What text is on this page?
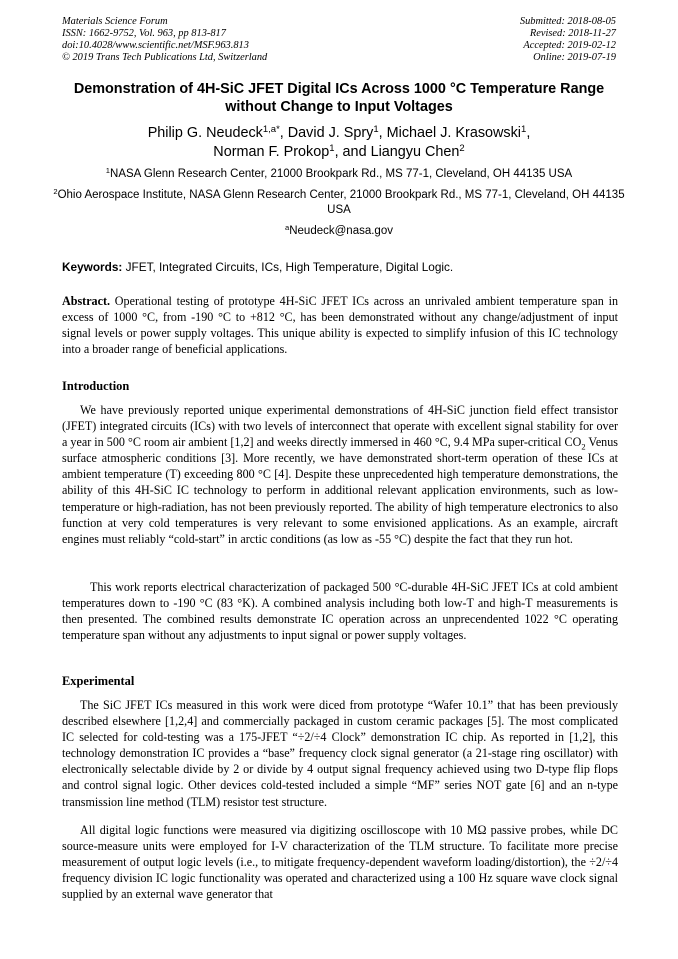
Materials Science Forum
ISSN: 1662-9752, Vol. 963, pp 813-817
doi:10.4028/www.scientific.net/MSF.963.813
© 2019 Trans Tech Publications Ltd, Switzerland
Submitted: 2018-08-05
Revised: 2018-11-27
Accepted: 2019-02-12
Online: 2019-07-19
Demonstration of 4H-SiC JFET Digital ICs Across 1000 °C Temperature Range without Change to Input Voltages
Philip G. Neudeck$^{1,a*}$, David J. Spry$^1$, Michael J. Krasowski$^1$,
Norman F. Prokop$^1$, and Liangyu Chen$^2$
$^1$NASA Glenn Research Center, 21000 Brookpark Rd., MS 77-1, Cleveland, OH 44135 USA
$^2$Ohio Aerospace Institute, NASA Glenn Research Center, 21000 Brookpark Rd., MS 77-1, Cleveland, OH 44135 USA
$^a$Neudeck@nasa.gov
Keywords: JFET, Integrated Circuits, ICs, High Temperature, Digital Logic.
Abstract. Operational testing of prototype 4H-SiC JFET ICs across an unrivaled ambient temperature span in excess of 1000 °C, from -190 °C to +812 °C, has been demonstrated without any change/adjustment of input signal levels or power supply voltages. This unique ability is expected to simplify infusion of this IC technology into a broader range of beneficial applications.
Introduction
We have previously reported unique experimental demonstrations of 4H-SiC junction field effect transistor (JFET) integrated circuits (ICs) with two levels of interconnect that operate with excellent signal stability for over a year in 500 °C room air ambient [1,2] and weeks directly immersed in 460 °C, 9.4 MPa super-critical $CO_2$ Venus surface atmospheric conditions [3]. More recently, we have demonstrated short-term operation of these ICs at ambient temperature (T) exceeding 800 °C [4]. Despite these unprecedented high temperature demonstrations, the ability of this 4H-SiC IC technology to perform in additional relevant application environments, such as low-temperature or high-radiation, has not been previously reported. The ability of high temperature electronics to also function at very cold temperatures is very relevant to some envisioned applications. As an example, aircraft engines must reliably “cold-start” in arctic conditions (as low as -55 °C) despite the fact that they run hot.
This work reports electrical characterization of packaged 500 °C-durable 4H-SiC JFET ICs at cold ambient temperatures down to -190 °C (83 °K). A combined analysis including both low-T and high-T measurements is then presented. The combined results demonstrate IC operation across an unprecendented 1022 °C operating temperature span without any adjustments to input signal or power supply voltages.
Experimental
The SiC JFET ICs measured in this work were diced from prototype “Wafer 10.1” that has been previously described elsewhere [1,2,4] and commercially packaged in custom ceramic packages [5]. The most complicated IC selected for cold-testing was a 175-JFET “÷2/÷4 Clock” demonstration IC chip. As reported in [1,2], this technology demonstration IC provides a “base” frequency clock signal generator (a 21-stage ring oscillator) with electronically selectable divide by 2 or divide by 4 output signal frequency achieved using two D-type flip flops and control signal logic. Other devices cold-tested included a simple “MF” series NOT gate [6] and an n-type transmission line method (TLM) resistor test structure.
All digital logic functions were measured via digitizing oscilloscope with 10 MΩ passive probes, while DC source-measure units were employed for I-V characterization of the TLM structure. To facilitate more precise measurement of output logic levels (i.e., to mitigate frequency-dependent waveform loading/distortion), the ÷2/÷4 frequency division IC logic functionality was operated and characterized using a 100 Hz square wave clock signal supplied by an external wave generator that
